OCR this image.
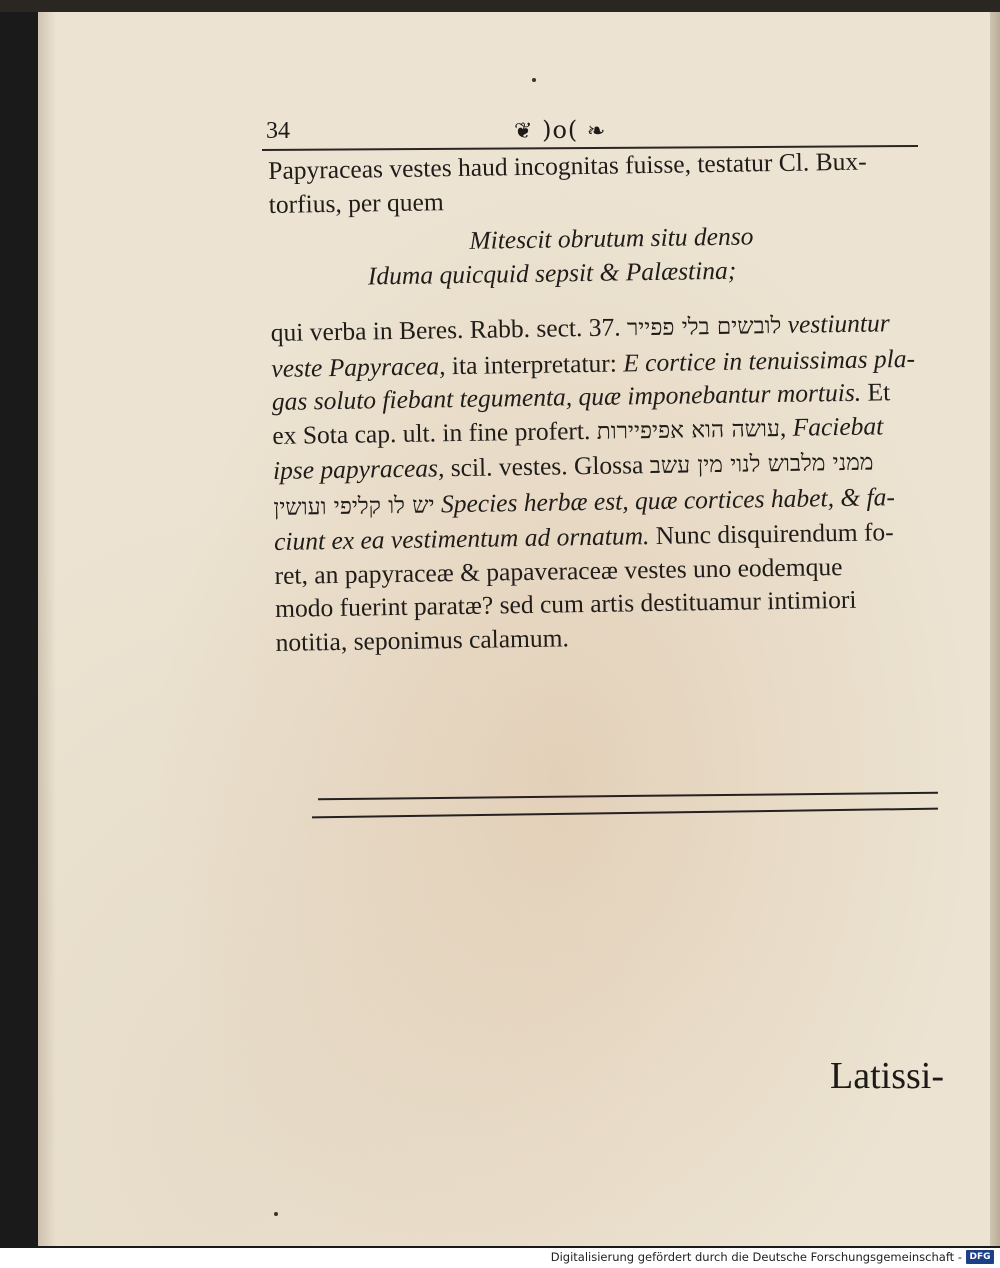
34	❦ )o( ❧
Papyraceas vestes haud incognitas fuisse, testatur Cl. Bux-
torfius, per quem
Mitescit obrutum situ denso
Iduma quicquid sepsit & Palæstina;
qui verba in Beres. Rabb. sect. 37. לובשים בלי פפייר vestiuntur
veste Papyracea, ita interpretatur: E cortice in tenuissimas pla-
gas soluto fiebant tegumenta, quæ imponebantur mortuis. Et
ex Sota cap. ult. in fine profert. עושה הוא אפיפיירות, Faciebat
ipse papyraceas, scil. vestes. Glossa ממני מלבוש לנוי מין עשב
יש לו קליפי ועושין Species herbæ est, quæ cortices habet, & fa-
ciunt ex ea vestimentum ad ornatum. Nunc disquirendum fo-
ret, an papyraceæ & papaveraceæ vestes uno eodemque
modo fuerint paratæ? sed cum artis destituamur intimiori
notitia, seponimus calamum.
Latissi-
Digitalisierung gefördert durch die Deutsche Forschungsgemeinschaft - DFG
